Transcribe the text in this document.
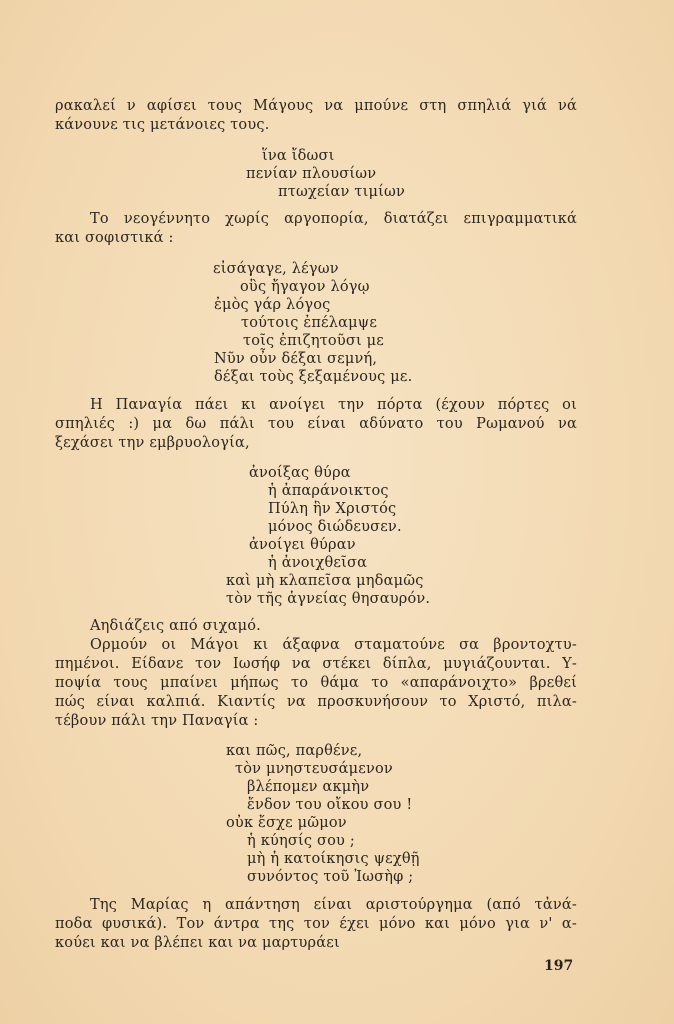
ρακαλεί ν αφίσει τους Μάγους να μπούνε στη σπηλιά γιά νά
κάνουνε τις μετάνοιες τους.
ἵνα ἴδωσι
πενίαν πλουσίων
πτωχείαν τιμίων
Το νεογέννητο χωρίς αργοπορία, διατάζει επιγραμματικά
και σοφιστικά :
εἰσάγαγε, λέγων
οὓς ἤγαγον λόγῳ
ἐμὸς γάρ λόγος
τούτοις ἐπέλαμψε
τοῖς ἐπιζητοῦσι με
Νῦν οὖν δέξαι σεμνή,
δέξαι τοὺς ξεξαμένους με.
Η Παναγία πάει κι ανοίγει την πόρτα (έχουν πόρτες οι
σπηλιές :) μα δω πάλι του είναι αδύνατο του Ρωμανού να
ξεχάσει την εμβρυολογία,
ἀνοίξας θύρα
ἡ ἀπαράνοικτος
Πύλη ἣν Χριστός
μόνος διώδευσεν.
ἀνοίγει θύραν
ἡ ἀνοιχθεῖσα
καὶ μὴ κλαπεῖσα μηδαμῶς
τὸν τῆς ἁγνείας θησαυρόν.
Αηδιάζεις από σιχαμό.
Ορμούν οι Μάγοι κι άξαφνα σταματούνε σα βροντοχτυ-
πημένοι. Είδανε τον Ιωσήφ να στέκει δίπλα, μυγιάζουνται. Υ-
ποψία τους μπαίνει μήπως το θάμα το «απαράνοιχτο» βρεθεί
πώς είναι καλπιά. Κιαντίς να προσκυνήσουν το Χριστό, πιλα-
τέβουν πάλι την Παναγία :
και πῶς, παρθένε,
τὸν μνηστευσάμενον
βλέπομεν ακμὴν
ἔνδον του οἴκου σου !
οὐκ ἔσχε μῶμον
ἡ κύησίς σου ;
μὴ ἡ κατοίκησις ψεχθῇ
συνόντος τοῦ Ἰωσὴφ ;
Της Μαρίας η απάντηση είναι αριστούργημα (από τἀνά-
ποδα φυσικά). Τον άντρα της τον έχει μόνο και μόνο για ν' α-
κούει και να βλέπει και να μαρτυράει
197
